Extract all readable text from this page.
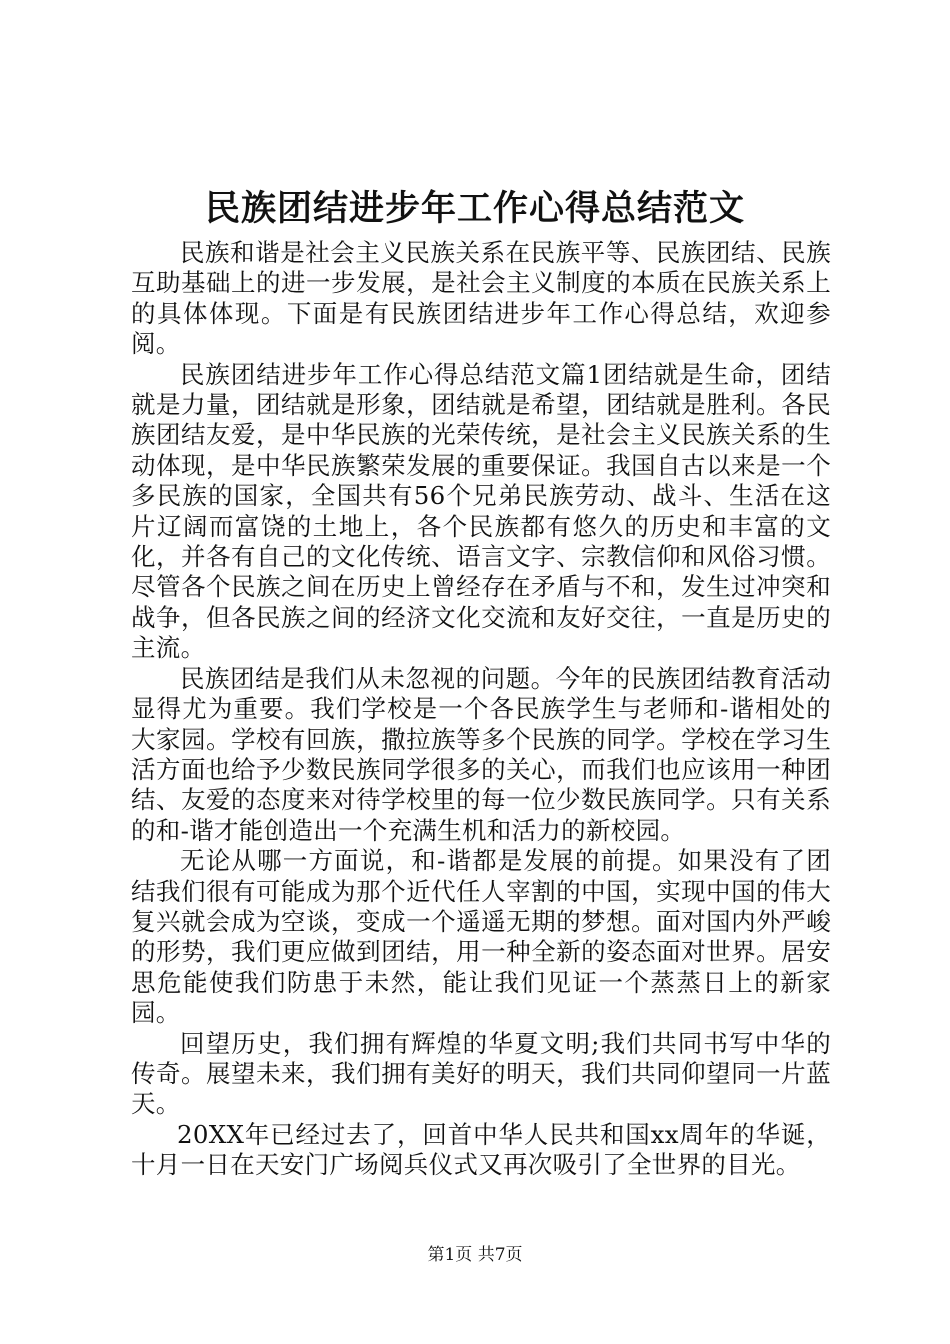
民族团结进步年工作心得总结范文

民族和谐是社会主义民族关系在民族平等、民族团结、民族互助基础上的进一步发展，是社会主义制度的本质在民族关系上的具体体现。下面是有民族团结进步年工作心得总结，欢迎参阅。

民族团结进步年工作心得总结范文篇1团结就是生命，团结就是力量，团结就是形象，团结就是希望，团结就是胜利。各民族团结友爱，是中华民族的光荣传统，是社会主义民族关系的生动体现，是中华民族繁荣发展的重要保证。我国自古以来是一个多民族的国家，全国共有56个兄弟民族劳动、战斗、生活在这片辽阔而富饶的土地上，各个民族都有悠久的历史和丰富的文化，并各有自己的文化传统、语言文字、宗教信仰和风俗习惯。尽管各个民族之间在历史上曾经存在矛盾与不和，发生过冲突和战争，但各民族之间的经济文化交流和友好交往，一直是历史的主流。

民族团结是我们从未忽视的问题。今年的民族团结教育活动显得尤为重要。我们学校是一个各民族学生与老师和-谐相处的大家园。学校有回族，撒拉族等多个民族的同学。学校在学习生活方面也给予少数民族同学很多的关心，而我们也应该用一种团结、友爱的态度来对待学校里的每一位少数民族同学。只有关系的和-谐才能创造出一个充满生机和活力的新校园。

无论从哪一方面说，和-谐都是发展的前提。如果没有了团结我们很有可能成为那个近代任人宰割的中国，实现中国的伟大复兴就会成为空谈，变成一个遥遥无期的梦想。面对国内外严峻的形势，我们更应做到团结，用一种全新的姿态面对世界。居安思危能使我们防患于未然，能让我们见证一个蒸蒸日上的新家园。

回望历史，我们拥有辉煌的华夏文明;我们共同书写中华的传奇。展望未来，我们拥有美好的明天，我们共同仰望同一片蓝天。

20XX年已经过去了，回首中华人民共和国xx周年的华诞，十月一日在天安门广场阅兵仪式又再次吸引了全世界的目光。

第1页 共7页
